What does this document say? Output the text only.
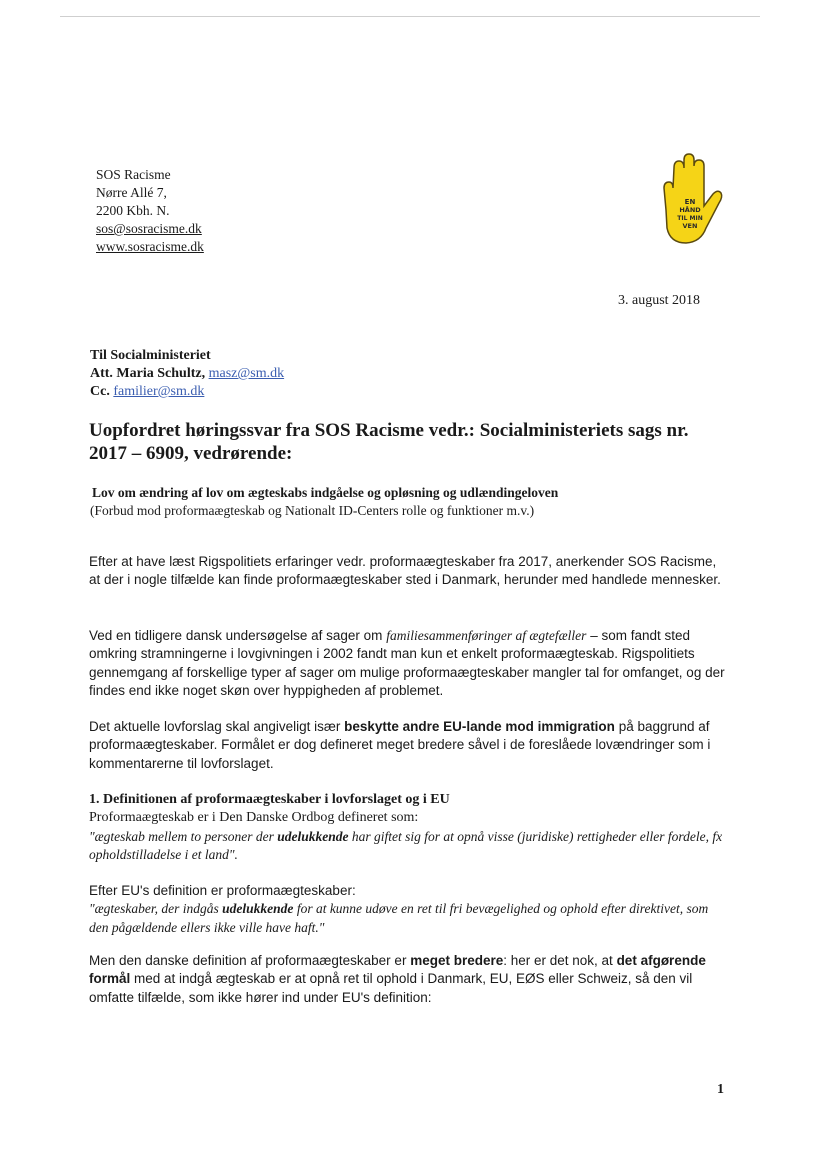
SOS Racisme
Nørre Allé 7,
2200 Kbh. N.
sos@sosracisme.dk
www.sosracisme.dk
EN
HÅND
TIL MIN
VEN
3. august 2018
Til Socialministeriet
Att. Maria Schultz, masz@sm.dk
Cc. familier@sm.dk
Uopfordret høringssvar fra SOS Racisme vedr.: Socialministeriets sags nr. 2017 – 6909, vedrørende:
Lov om ændring af lov om ægteskabs indgåelse og opløsning og udlændingeloven
(Forbud mod proformaægteskab og Nationalt ID-Centers rolle og funktioner m.v.)
Efter at have læst Rigspolitiets erfaringer vedr. proformaægteskaber fra 2017, anerkender SOS Racisme, at der i nogle tilfælde kan finde proformaægteskaber sted i Danmark, herunder med handlede mennesker.
Ved en tidligere dansk undersøgelse af sager om familiesammenføringer af ægtefæller – som fandt sted omkring stramningerne i lovgivningen i 2002 fandt man kun et enkelt proformaægteskab. Rigspolitiets gennemgang af forskellige typer af sager om mulige proformaægteskaber mangler tal for omfanget, og der findes end ikke noget skøn over hyppigheden af problemet.
Det aktuelle lovforslag skal angiveligt især beskytte andre EU-lande mod immigration på baggrund af proformaægteskaber. Formålet er dog defineret meget bredere såvel i de foreslåede lovændringer som i kommentarerne til lovforslaget.
1. Definitionen af proformaægteskaber i lovforslaget og i EU
Proformaægteskab er i Den Danske Ordbog defineret som:
"ægteskab mellem to personer der udelukkende har giftet sig for at opnå visse (juridiske) rettigheder eller fordele, fx opholdstilladelse i et land".
Efter EU's definition er proformaægteskaber:
"ægteskaber, der indgås udelukkende for at kunne udøve en ret til fri bevægelighed og ophold efter direktivet, som den pågældende ellers ikke ville have haft."
Men den danske definition af proformaægteskaber er meget bredere: her er det nok, at det afgørende formål med at indgå ægteskab er at opnå ret til ophold i Danmark, EU, EØS eller Schweiz, så den vil omfatte tilfælde, som ikke hører ind under EU's definition:
1
